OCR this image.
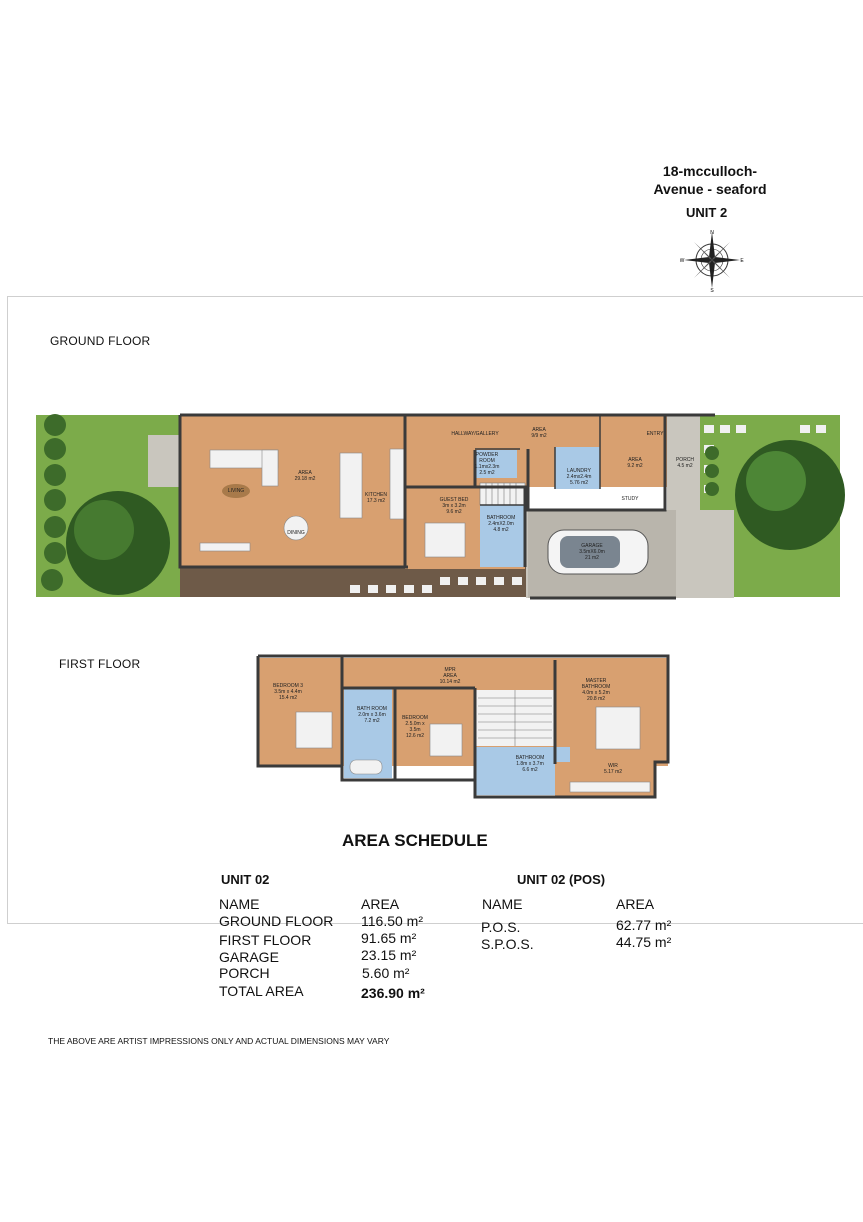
18-mcculloch-
Avenue - seaford
UNIT 2
N
E
S
W
GROUND FLOOR
FIRST FLOOR
AREA
29.18 m2
LIVING
DINING
KITCHEN
17.3 m2
HALLWAY/GALLERY
AREA
9/9 m2
POWDER
ROOM
1.1mx2.3m
2.5 m2
GUEST BED
3m x 3.2m
9.6 m2
BATHROOM
2.4mX2.0m
4.8 m2
LAUNDRY
2.4mx2.4m
5.76 m2
AREA
9.2 m2
ENTRY
PORCH
4.5 m2
STUDY
GARAGE
3.5mX6.0m
21 m2
BEDROOM 3
3.5m x 4.4m
15.4 m2
MPR
AREA
10.14 m2
BATH ROOM
2.0m x 3.6m
7.2 m2	BEDROOM
2.5.0m x
3.5m
12.6 m2
MASTER
BATHROOM
4.0m x 5.2m
20.8 m2
BATHROOM
1.8m x 3.7m
6.6 m2
WIR
5.17 m2
AREA SCHEDULE
UNIT 02
NAME	AREA
GROUND FLOOR 116.50 m²
FIRST FLOOR	91.65 m²
GARAGE	23.15 m²
PORCH	5.60 m²
TOTAL AREA	236.90 m²
UNIT 02 (POS)
NAME	AREA
P.O.S.	62.77 m²
S.P.O.S.	44.75 m²
THE ABOVE ARE ARTIST IMPRESSIONS ONLY AND ACTUAL DIMENSIONS MAY VARY
